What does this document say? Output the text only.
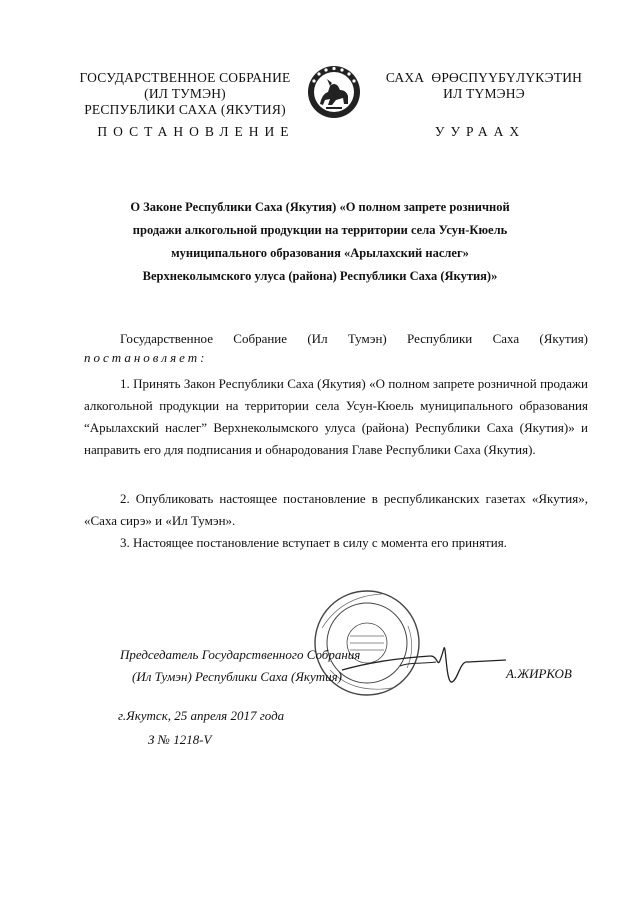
ГОСУДАРСТВЕННОЕ СОБРАНИЕ
(ИЛ ТУМЭН)
РЕСПУБЛИКИ САХА (ЯКУТИЯ)
САХА  ӨРӨСПҮҮБҮЛҮКЭТИН
ИЛ ТҮМЭНЭ
ПОСТАНОВЛЕНИЕ	УУРААХ
О Законе Республики Саха (Якутия) «О полном запрете розничной
продажи алкогольной продукции на территории села Усун-Кюель
муниципального образования «Арылахский наслег»
Верхнеколымского улуса (района) Республики Саха (Якутия)»
Государственное Собрание (Ил Тумэн) Республики Саха (Якутия)
постановляет:
1. Принять Закон Республики Саха (Якутия) «О полном запрете розничной продажи алкогольной продукции на территории села Усун-Кюель муниципального образования “Арылахский наслег” Верхнеколымского улуса (района) Республики Саха (Якутия)» и направить его для подписания и обнародования Главе Республики Саха (Якутия).
2. Опубликовать настоящее постановление в республиканских газетах «Якутия», «Саха сирэ» и «Ил Тумэн».
3. Настоящее постановление вступает в силу с момента его принятия.
Председатель Государственного Собрания
(Ил Тумэн) Республики Саха (Якутия)	А.ЖИРКОВ
г.Якутск, 25 апреля 2017 года
З № 1218-V
